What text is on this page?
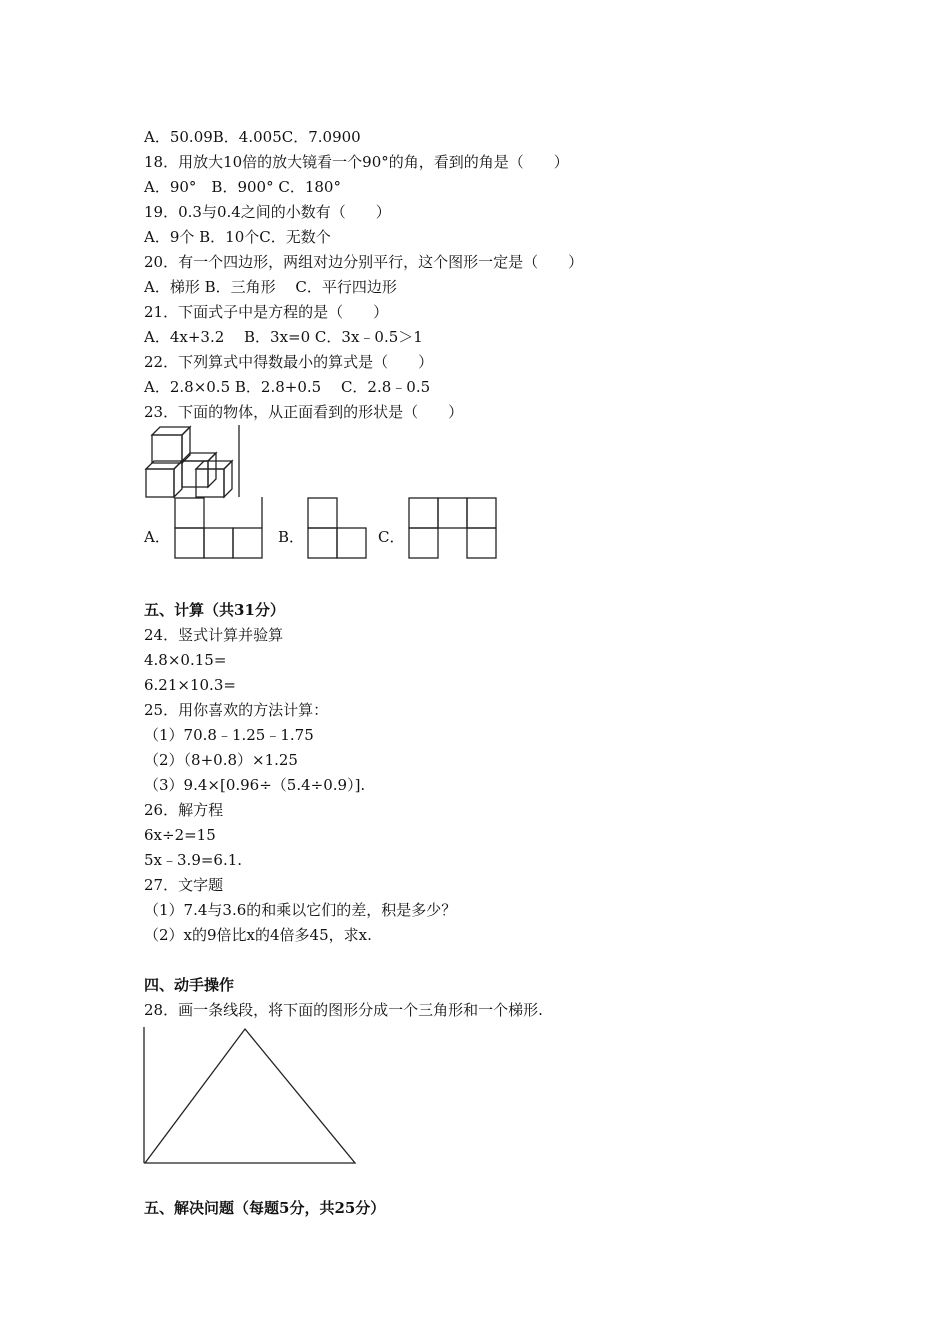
A．50.09B．4.005C．7.0900
18．用放大10倍的放大镜看一个90°的角，看到的角是（　　）
A．90°　B．900° C．180°
19．0.3与0.4之间的小数有（　　）
A．9个 B．10个C．无数个
20．有一个四边形，两组对边分别平行，这个图形一定是（　　）
A．梯形 B．三角形　 C．平行四边形
21．下面式子中是方程的是（　　）
A．4x+3.2　 B．3x=0 C．3x﹣0.5＞1
22．下列算式中得数最小的算式是（　　）
A．2.8×0.5 B．2.8+0.5 　C．2.8﹣0.5
23．下面的物体，从正面看到的形状是（　　）
A．	B．	C．
五、计算（共31分）
24．竖式计算并验算
4.8×0.15=
6.21×10.3=
25．用你喜欢的方法计算：
（1）70.8﹣1.25﹣1.75
（2）（8+0.8）×1.25
（3）9.4×[0.96÷（5.4÷0.9）].
26．解方程
6x÷2=15
5x﹣3.9=6.1.
27．文字题
（1）7.4与3.6的和乘以它们的差，积是多少？
（2）x的9倍比x的4倍多45，求x.
四、动手操作
28．画一条线段，将下面的图形分成一个三角形和一个梯形.
五、解决问题（每题5分，共25分）
